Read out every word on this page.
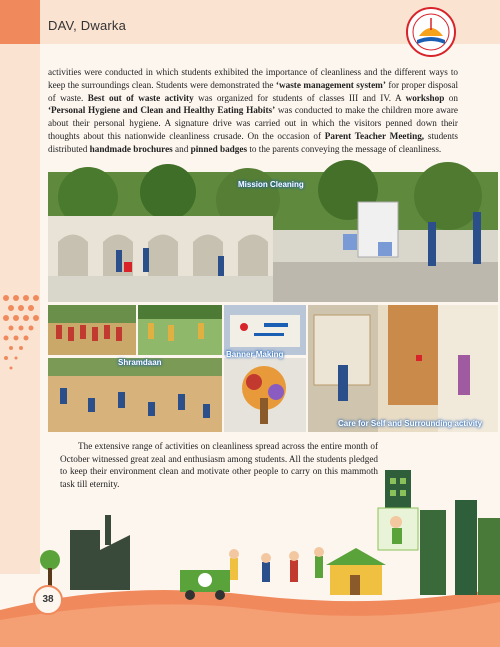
DAV, Dwarka
activities were conducted in which students exhibited the importance of cleanliness and the different ways to keep the surroundings clean. Students were demonstrated the ‘waste management system’ for proper disposal of waste. Best out of waste activity was organized for students of classes III and IV. A workshop on ‘Personal Hygiene and Clean and Healthy Eating Habits’ was conducted to make the children more aware about their personal hygiene. A signature drive was carried out in which the visitors penned down their thoughts about this nationwide cleanliness crusade. On the occasion of Parent Teacher Meeting, students distributed handmade brochures and pinned badges to the parents conveying the message of cleanliness.
Mission Cleaning
Shramdaan
Banner Making
Care for Self and Surrounding activity
The extensive range of activities on cleanliness spread across the entire month of October witnessed great zeal and enthusiasm among students. All the students pledged to keep their environment clean and motivate other people to carry on this mammoth task till eternity.
38
